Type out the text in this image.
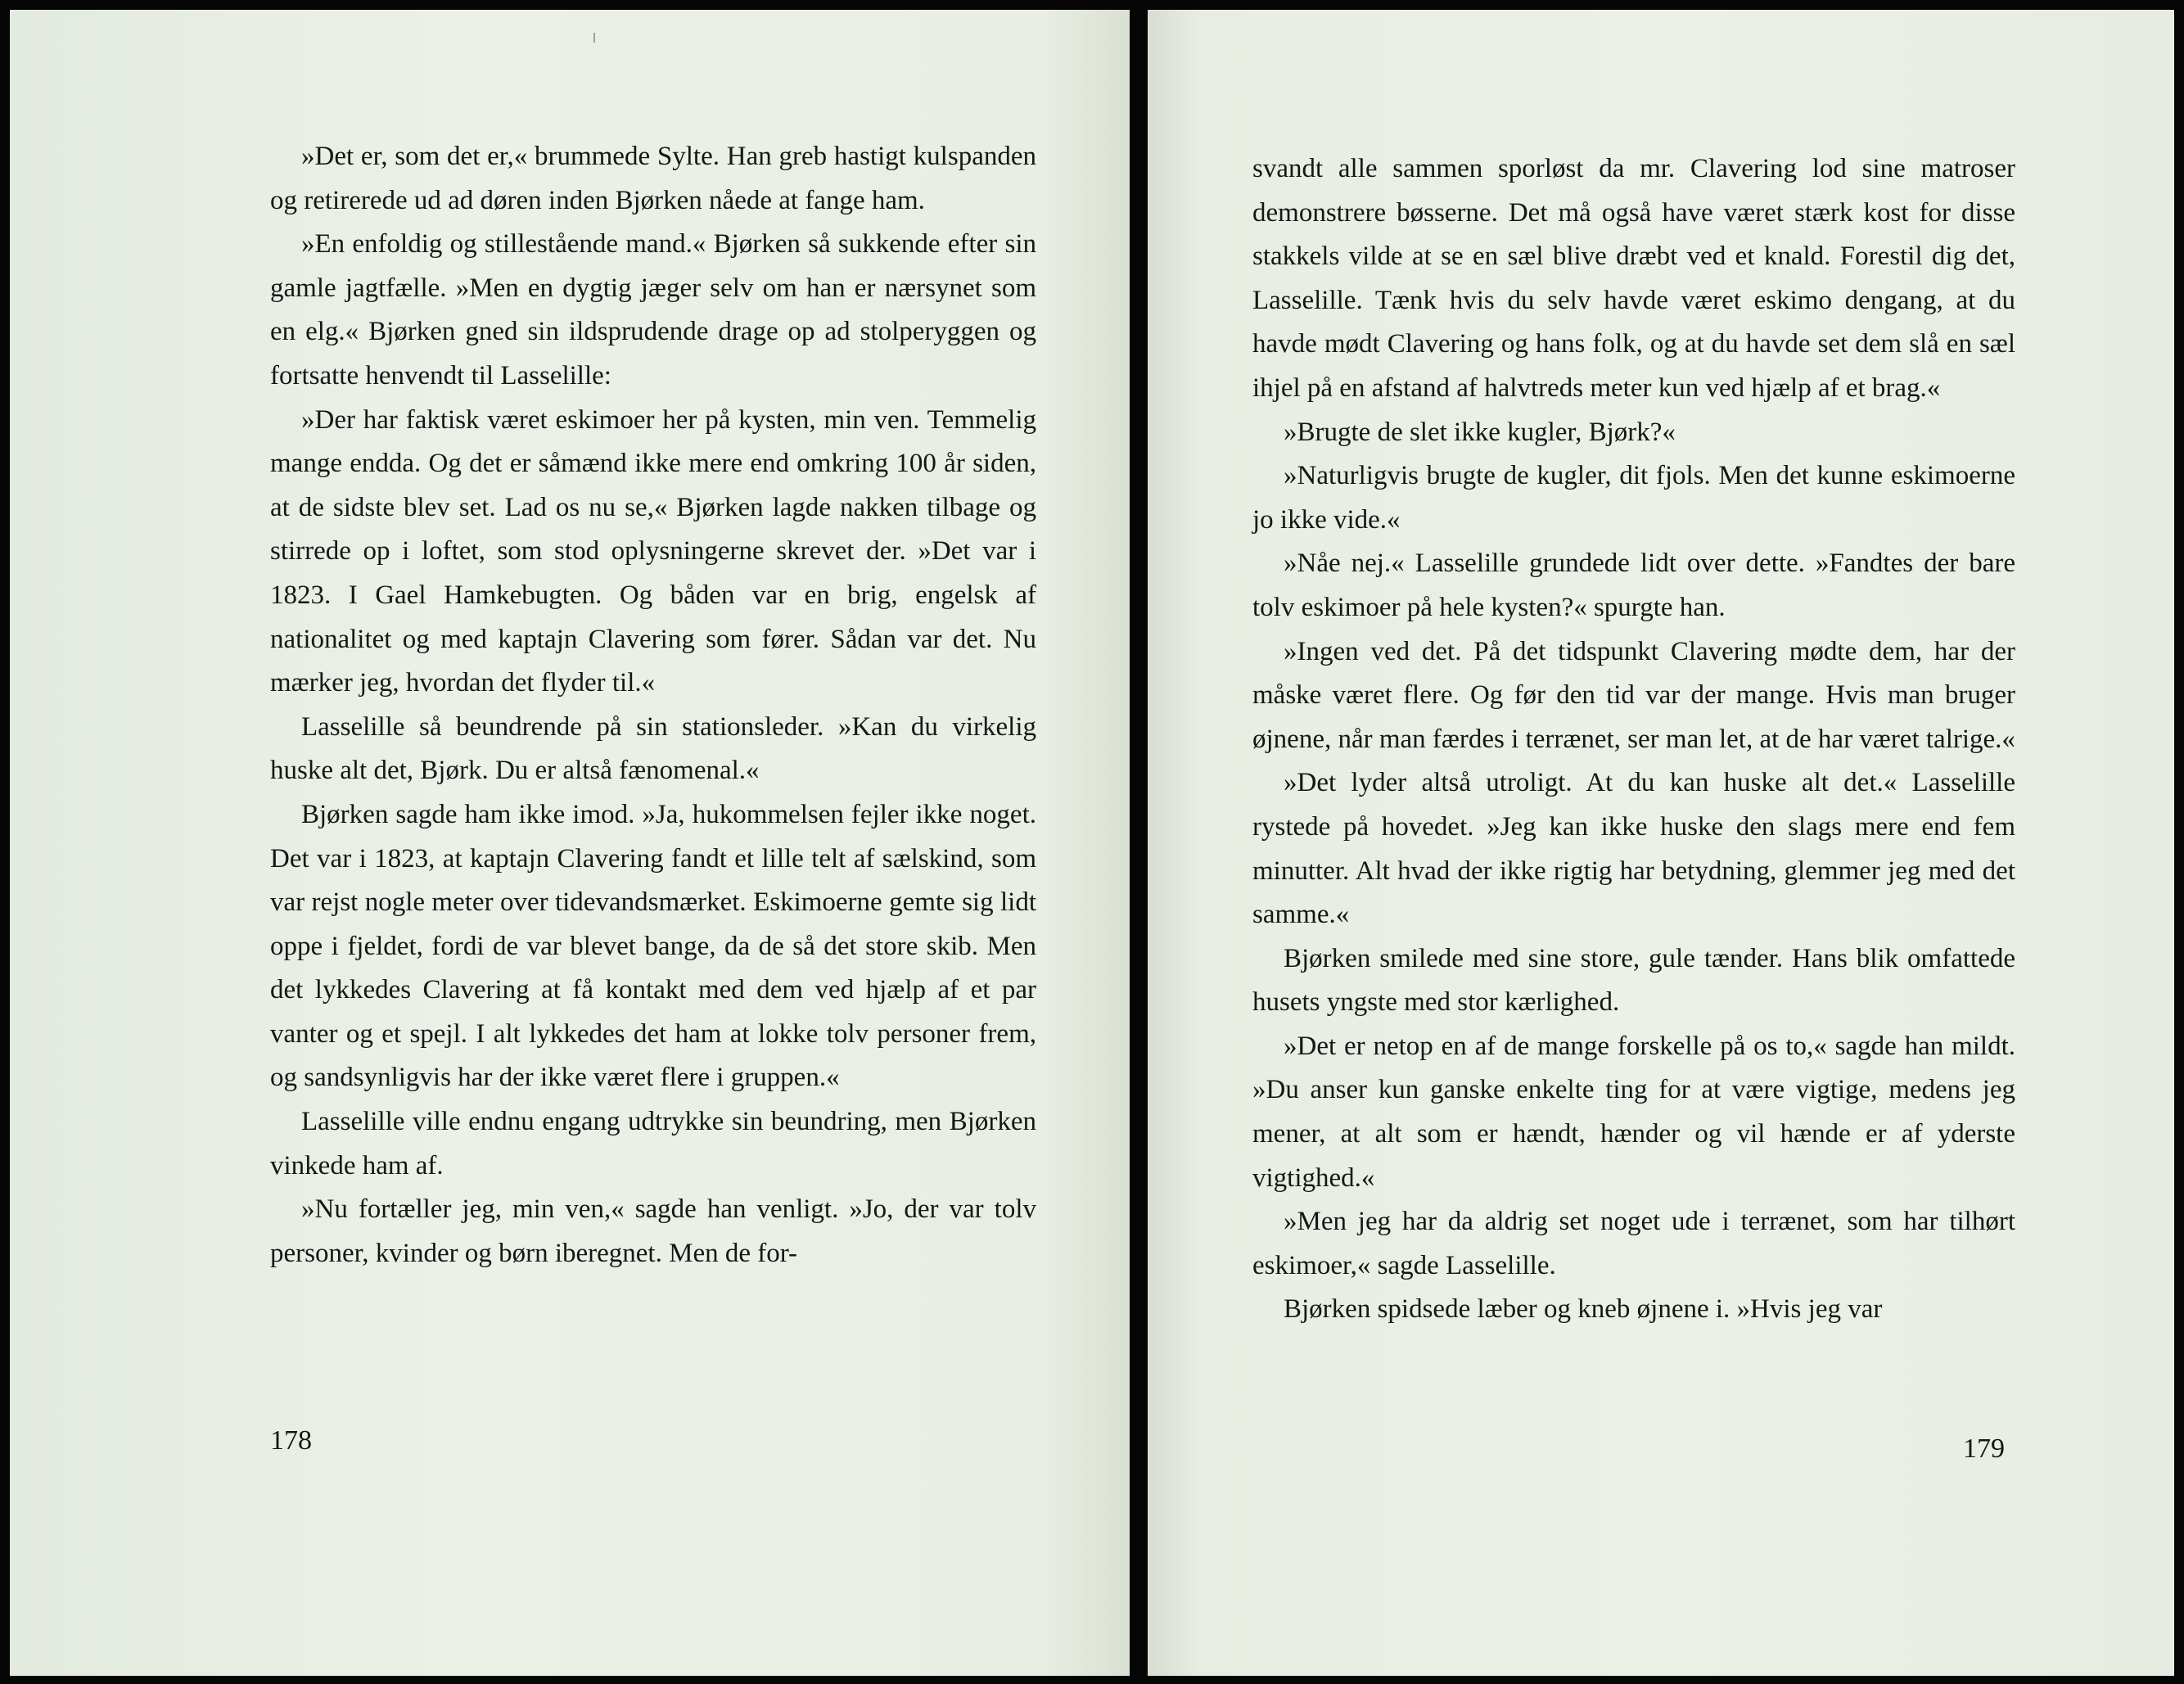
»Det er, som det er,« brummede Sylte. Han greb hastigt kulspanden og retirerede ud ad døren inden Bjørken nåede at fange ham.

»En enfoldig og stillestående mand.« Bjørken så sukkende efter sin gamle jagtfælle. »Men en dygtig jæger selv om han er nærsynet som en elg.« Bjørken gned sin ildsprudende drage op ad stolperyggen og fortsatte henvendt til Lasselille:

»Der har faktisk været eskimoer her på kysten, min ven. Temmelig mange endda. Og det er såmænd ikke mere end omkring 100 år siden, at de sidste blev set. Lad os nu se,« Bjørken lagde nakken tilbage og stirrede op i loftet, som stod oplysningerne skrevet der. »Det var i 1823. I Gael Hamkebugten. Og båden var en brig, engelsk af nationalitet og med kaptajn Clavering som fører. Sådan var det. Nu mærker jeg, hvordan det flyder til.«

Lasselille så beundrende på sin stationsleder. »Kan du virkelig huske alt det, Bjørk. Du er altså fænomenal.«

Bjørken sagde ham ikke imod. »Ja, hukommelsen fejler ikke noget. Det var i 1823, at kaptajn Clavering fandt et lille telt af sælskind, som var rejst nogle meter over tidevandsmærket. Eskimoerne gemte sig lidt oppe i fjeldet, fordi de var blevet bange, da de så det store skib. Men det lykkedes Clavering at få kontakt med dem ved hjælp af et par vanter og et spejl. I alt lykkedes det ham at lokke tolv personer frem, og sandsynligvis har der ikke været flere i gruppen.«

Lasselille ville endnu engang udtrykke sin beundring, men Bjørken vinkede ham af.

»Nu fortæller jeg, min ven,« sagde han venligt. »Jo, der var tolv personer, kvinder og børn iberegnet. Men de for-

178

svandt alle sammen sporløst da mr. Clavering lod sine matroser demonstrere bøsserne. Det må også have været stærk kost for disse stakkels vilde at se en sæl blive dræbt ved et knald. Forestil dig det, Lasselille. Tænk hvis du selv havde været eskimo dengang, at du havde mødt Clavering og hans folk, og at du havde set dem slå en sæl ihjel på en afstand af halvtreds meter kun ved hjælp af et brag.«

»Brugte de slet ikke kugler, Bjørk?«

»Naturligvis brugte de kugler, dit fjols. Men det kunne eskimoerne jo ikke vide.«

»Nåe nej.« Lasselille grundede lidt over dette. »Fandtes der bare tolv eskimoer på hele kysten?« spurgte han.

»Ingen ved det. På det tidspunkt Clavering mødte dem, har der måske været flere. Og før den tid var der mange. Hvis man bruger øjnene, når man færdes i terrænet, ser man let, at de har været talrige.«

»Det lyder altså utroligt. At du kan huske alt det.« Lasselille rystede på hovedet. »Jeg kan ikke huske den slags mere end fem minutter. Alt hvad der ikke rigtig har betydning, glemmer jeg med det samme.«

Bjørken smilede med sine store, gule tænder. Hans blik omfattede husets yngste med stor kærlighed.

»Det er netop en af de mange forskelle på os to,« sagde han mildt. »Du anser kun ganske enkelte ting for at være vigtige, medens jeg mener, at alt som er hændt, hænder og vil hænde er af yderste vigtighed.«

»Men jeg har da aldrig set noget ude i terrænet, som har tilhørt eskimoer,« sagde Lasselille.

Bjørken spidsede læber og kneb øjnene i. »Hvis jeg var

179
